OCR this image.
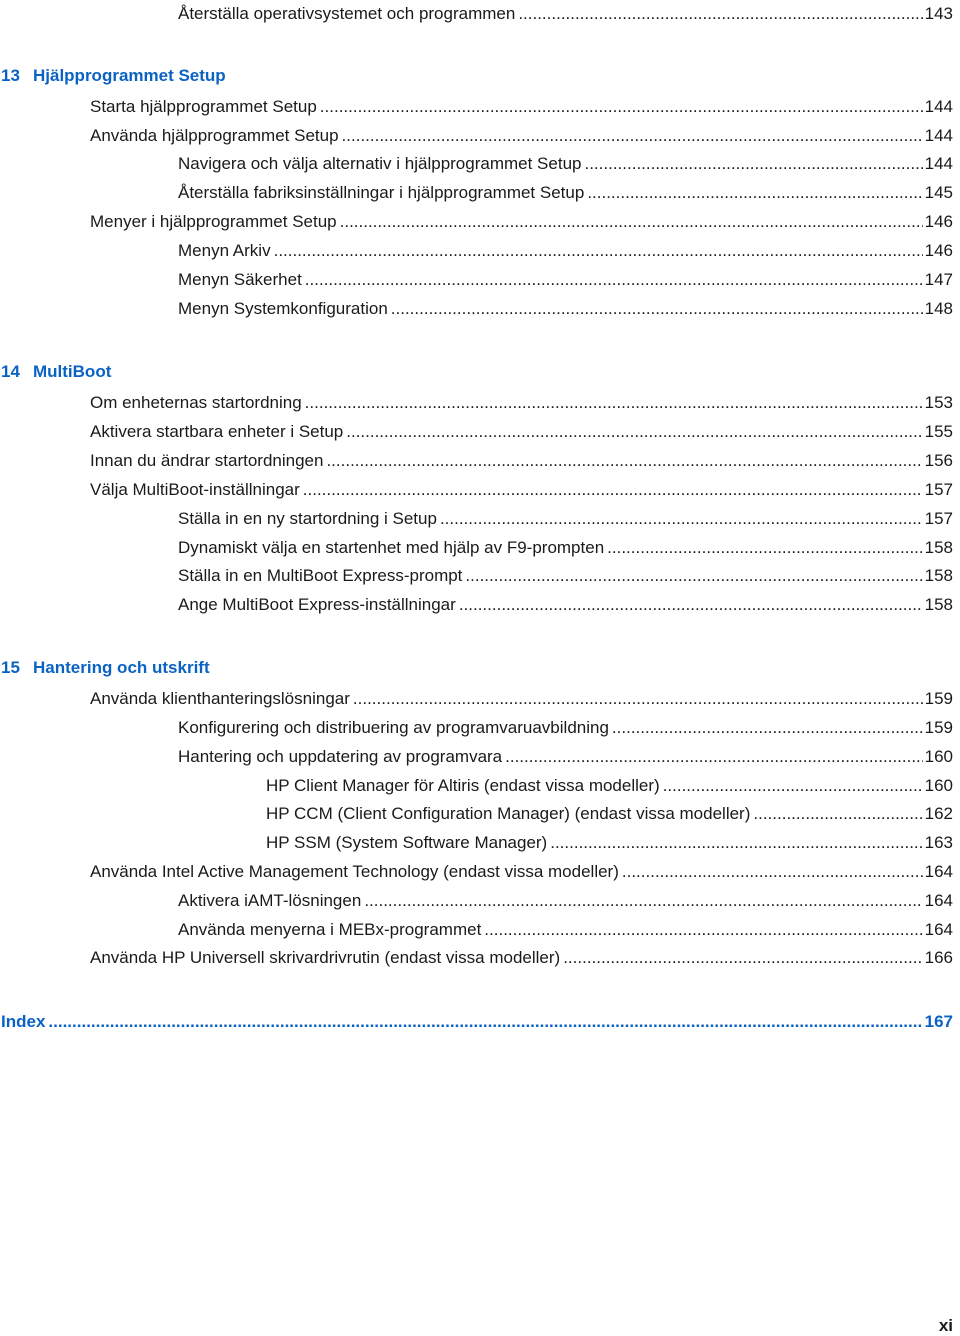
Återställa operativsystemet och programmen .....	143
13 Hjälpprogrammet Setup
Starta hjälpprogrammet Setup .....	144
Använda hjälpprogrammet Setup .....	144
Navigera och välja alternativ i hjälpprogrammet Setup .....	144
Återställa fabriksinställningar i hjälpprogrammet Setup .....	145
Menyer i hjälpprogrammet Setup .....	146
Menyn Arkiv .....	146
Menyn Säkerhet .....	147
Menyn Systemkonfiguration .....	148
14 MultiBoot
Om enheternas startordning .....	153
Aktivera startbara enheter i Setup .....	155
Innan du ändrar startordningen .....	156
Välja MultiBoot-inställningar .....	157
Ställa in en ny startordning i Setup .....	157
Dynamiskt välja en startenhet med hjälp av F9-prompten .....	158
Ställa in en MultiBoot Express-prompt .....	158
Ange MultiBoot Express-inställningar .....	158
15 Hantering och utskrift
Använda klienthanteringslösningar .....	159
Konfigurering och distribuering av programvaruavbildning .....	159
Hantering och uppdatering av programvara .....	160
HP Client Manager för Altiris (endast vissa modeller) .....	160
HP CCM (Client Configuration Manager) (endast vissa modeller) .....	162
HP SSM (System Software Manager) .....	163
Använda Intel Active Management Technology (endast vissa modeller) .....	164
Aktivera iAMT-lösningen .....	164
Använda menyerna i MEBx-programmet .....	164
Använda HP Universell skrivardrivrutin (endast vissa modeller) .....	166
Index .....	167
xi
